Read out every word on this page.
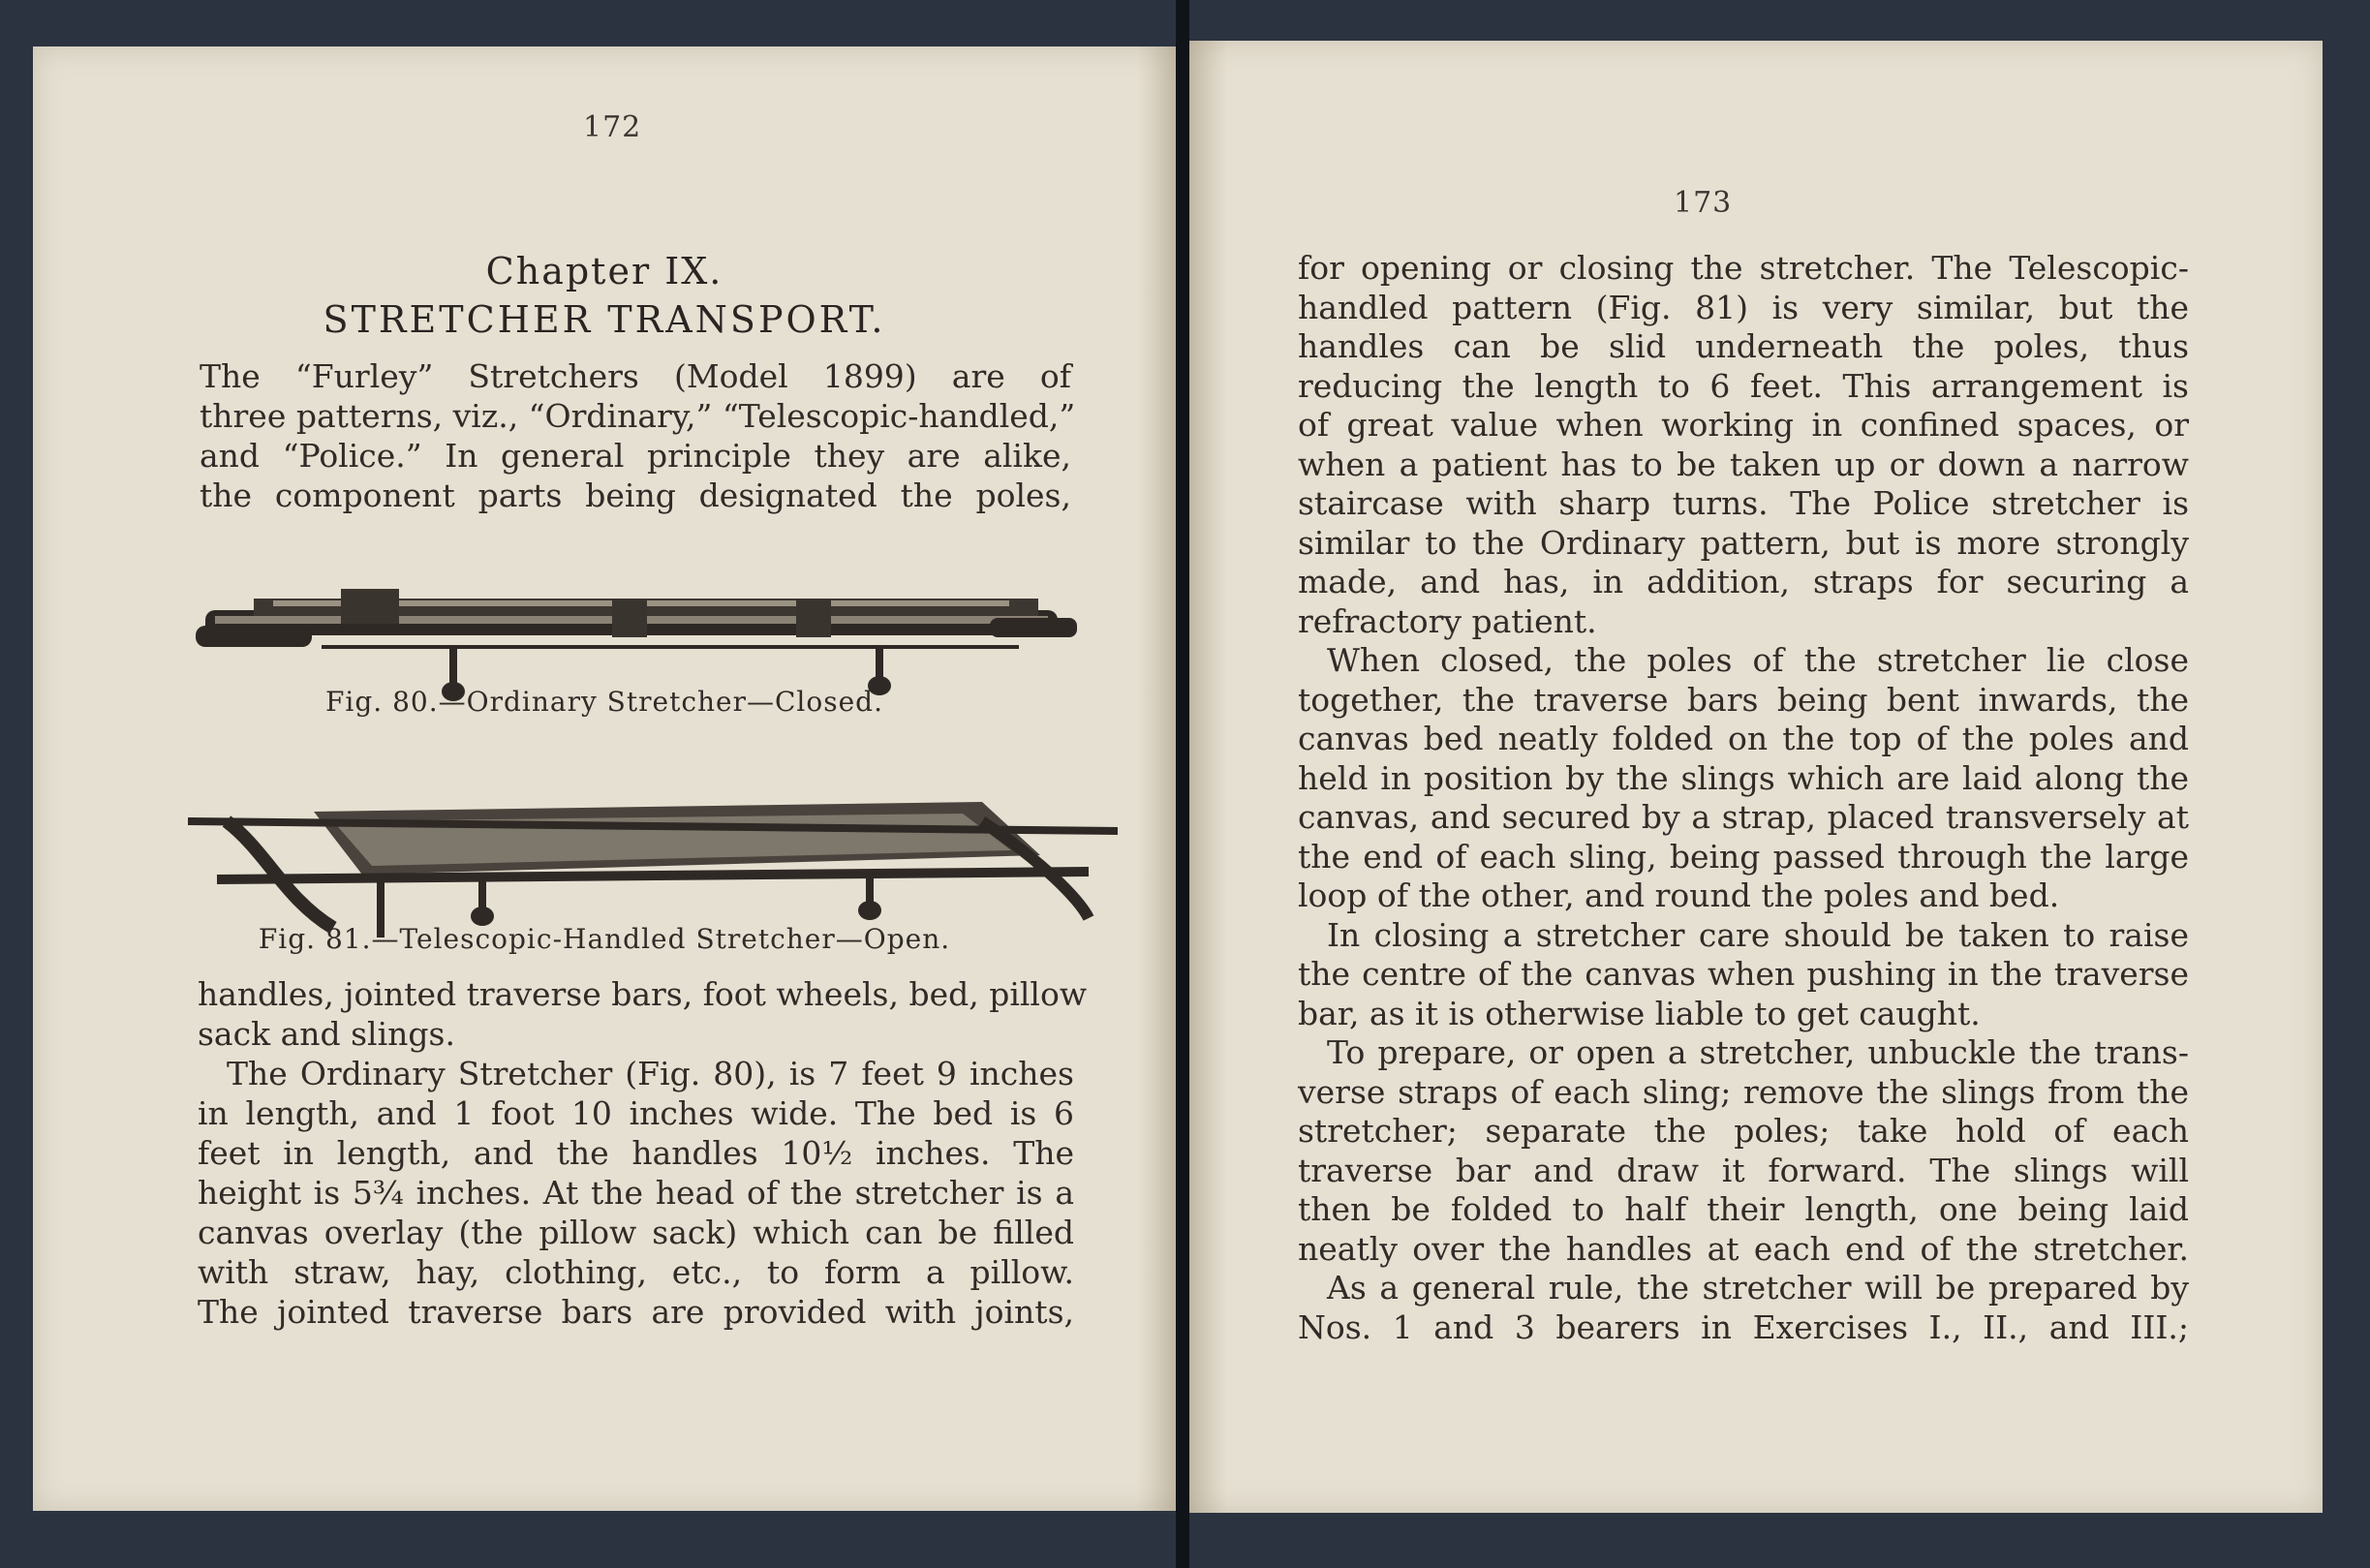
172
Chapter IX.
STRETCHER TRANSPORT.

The “Furley” Stretchers (Model 1899) are of

three patterns, viz., “Ordinary,” “Telescopic-handled,”

and “Police.” In general principle they are alike,

the component parts being designated the poles,

Fig. 80.—Ordinary Stretcher—Closed.
Fig. 81.—Telescopic-Handled Stretcher—Open.

handles, jointed traverse bars, foot wheels, bed, pillow

sack and slings.

The Ordinary Stretcher (Fig. 80), is 7 feet 9 inches

in length, and 1 foot 10 inches wide. The bed is 6

feet in length, and the handles 10½ inches. The

height is 5¾ inches. At the head of the stretcher is a

canvas overlay (the pillow sack) which can be filled

with straw, hay, clothing, etc., to form a pillow.

The jointed traverse bars are provided with joints,

173

for opening or closing the stretcher. The Telescopic-

handled pattern (Fig. 81) is very similar, but the

handles can be slid underneath the poles, thus

reducing the length to 6 feet. This arrangement is

of great value when working in confined spaces, or

when a patient has to be taken up or down a narrow

staircase with sharp turns. The Police stretcher is

similar to the Ordinary pattern, but is more strongly

made, and has, in addition, straps for securing a

refractory patient.

When closed, the poles of the stretcher lie close

together, the traverse bars being bent inwards, the

canvas bed neatly folded on the top of the poles and

held in position by the slings which are laid along the

canvas, and secured by a strap, placed transversely at

the end of each sling, being passed through the large

loop of the other, and round the poles and bed.

In closing a stretcher care should be taken to raise

the centre of the canvas when pushing in the traverse

bar, as it is otherwise liable to get caught.

To prepare, or open a stretcher, unbuckle the trans-

verse straps of each sling; remove the slings from the

stretcher; separate the poles; take hold of each

traverse bar and draw it forward. The slings will

then be folded to half their length, one being laid

neatly over the handles at each end of the stretcher.

As a general rule, the stretcher will be prepared by

Nos. 1 and 3 bearers in Exercises I., II., and III.;
